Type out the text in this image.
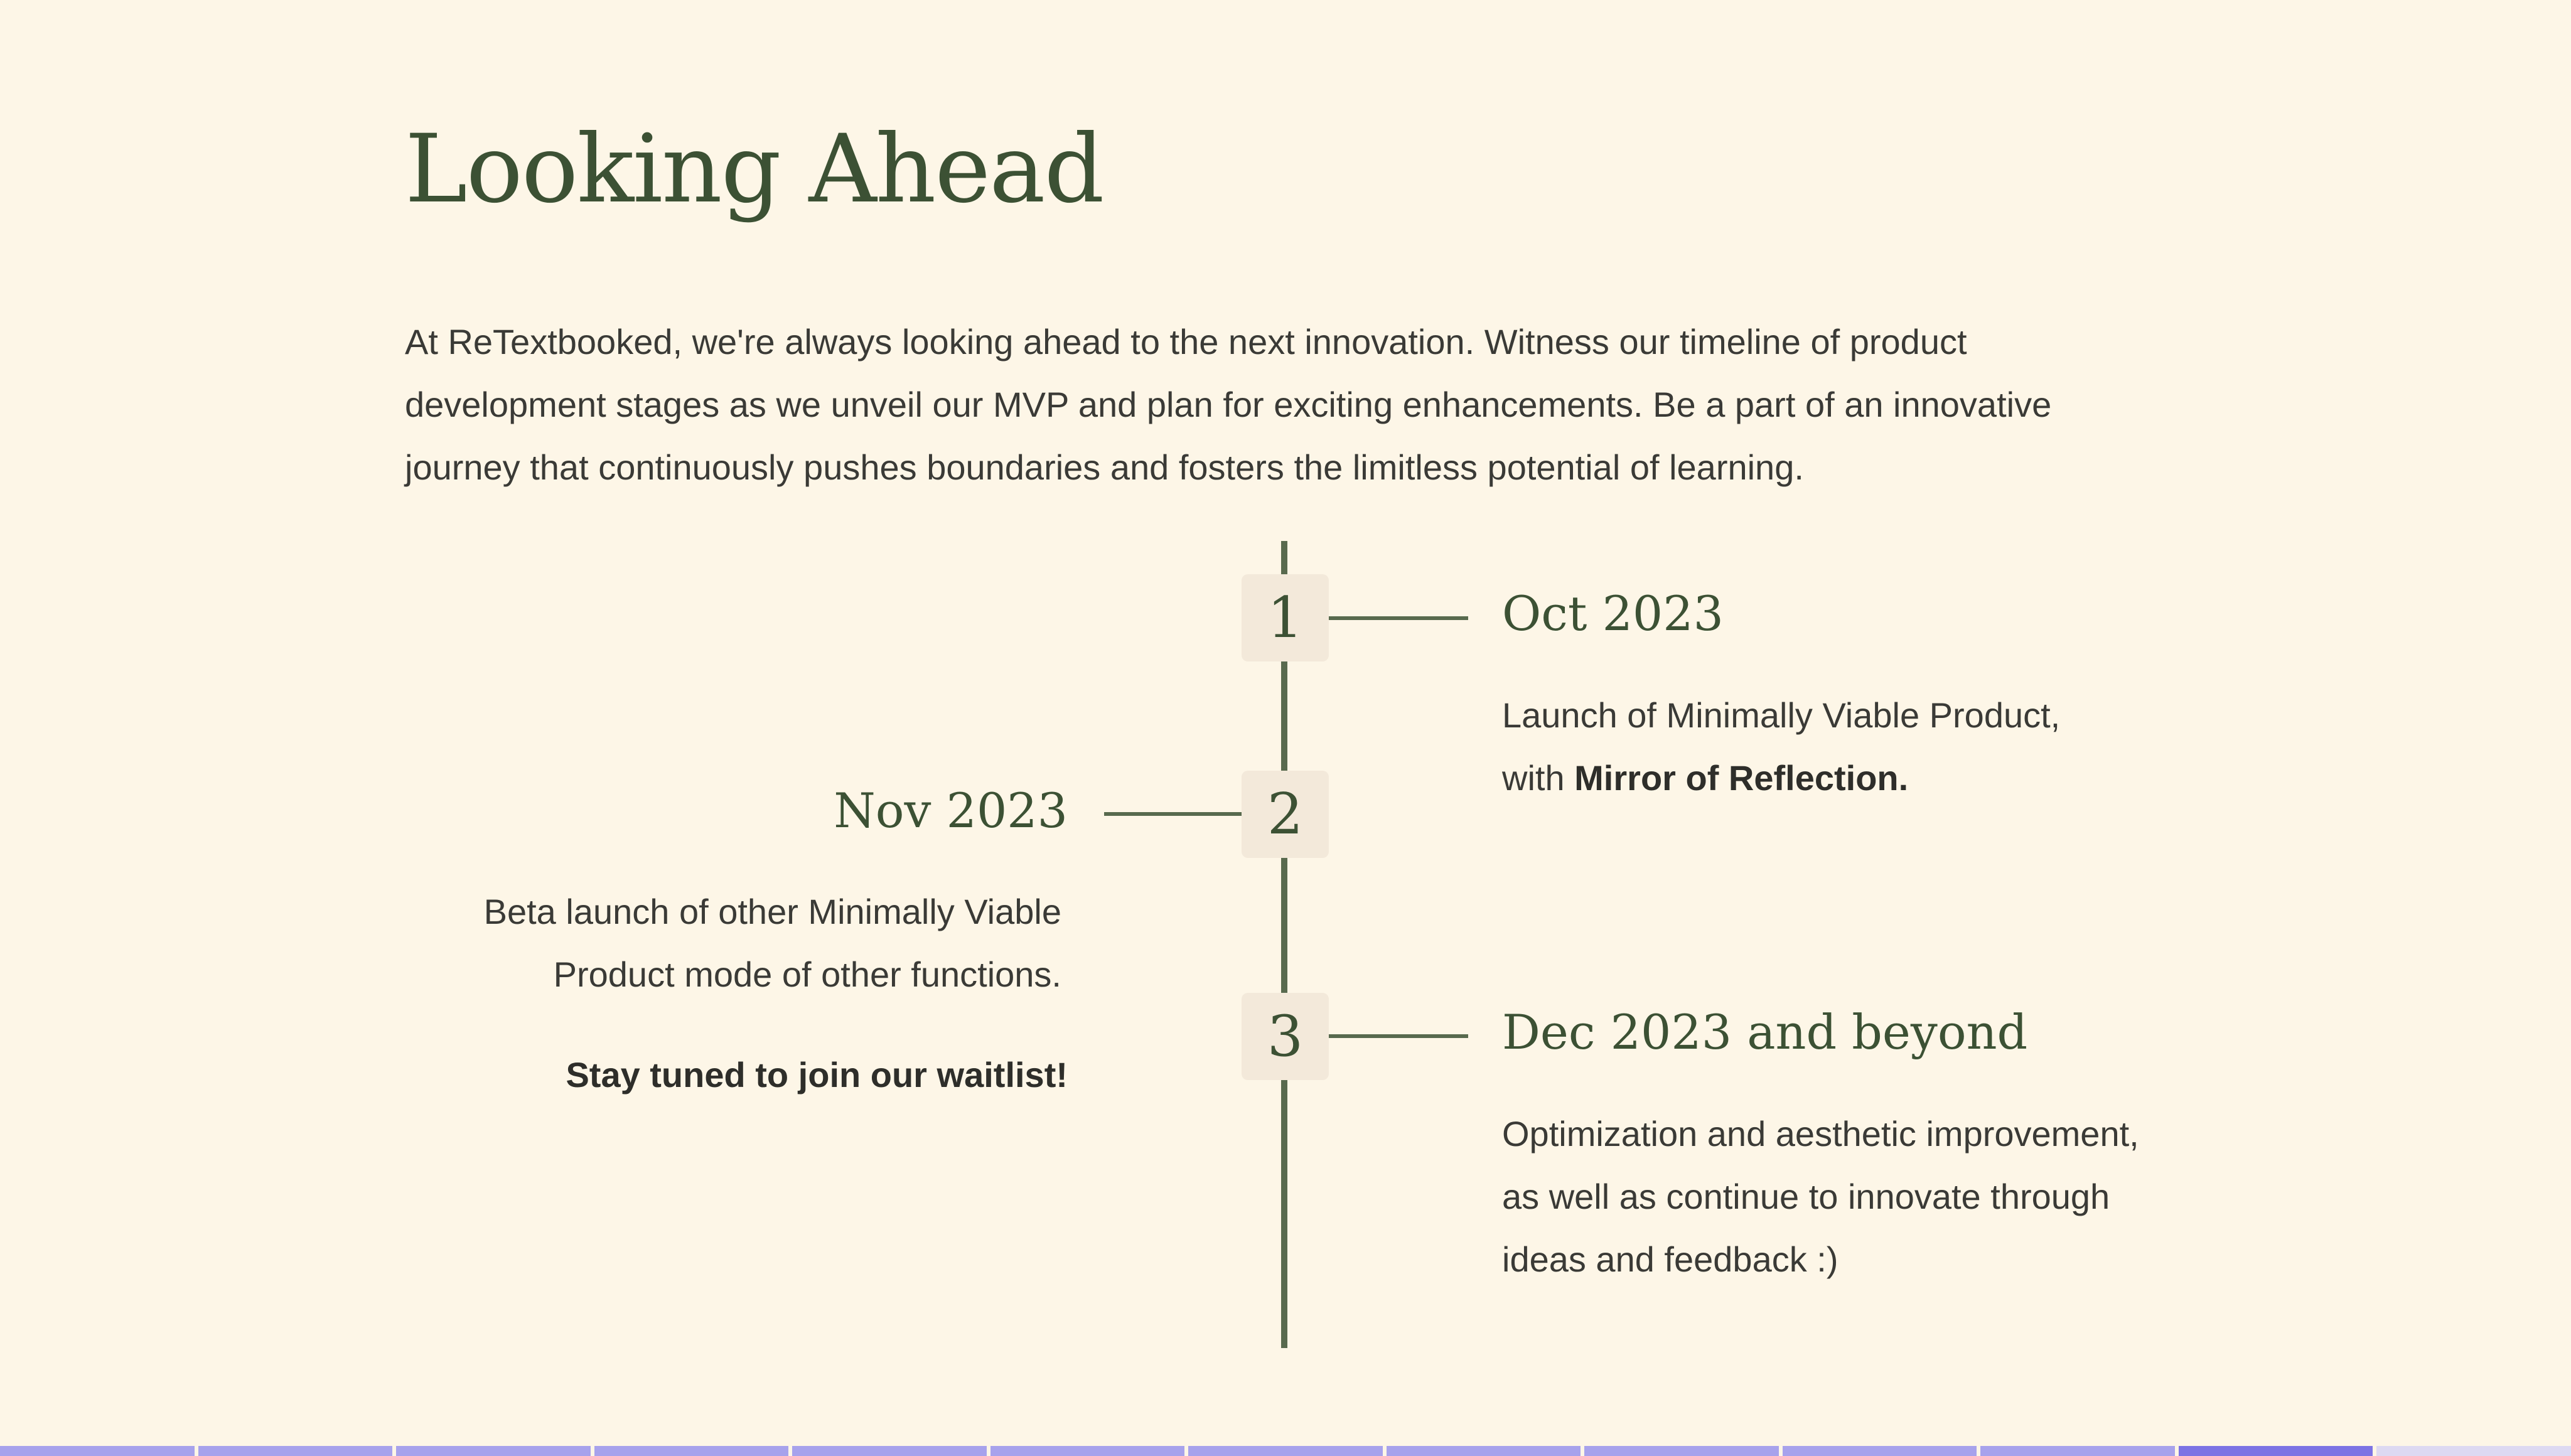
Looking Ahead

At ReTextbooked, we're always looking ahead to the next innovation. Witness our timeline of product development stages as we unveil our MVP and plan for exciting enhancements. Be a part of an innovative journey that continuously pushes boundaries and fosters the limitless potential of learning.

1	Oct 2023

Launch of Minimally Viable Product,
with Mirror of Reflection.

2
Nov 2023

Beta launch of other Minimally Viable Product mode of other functions.

Stay tuned to join our waitlist!

3	Dec 2023 and beyond

Optimization and aesthetic improvement, as well as continue to innovate through ideas and feedback :)
